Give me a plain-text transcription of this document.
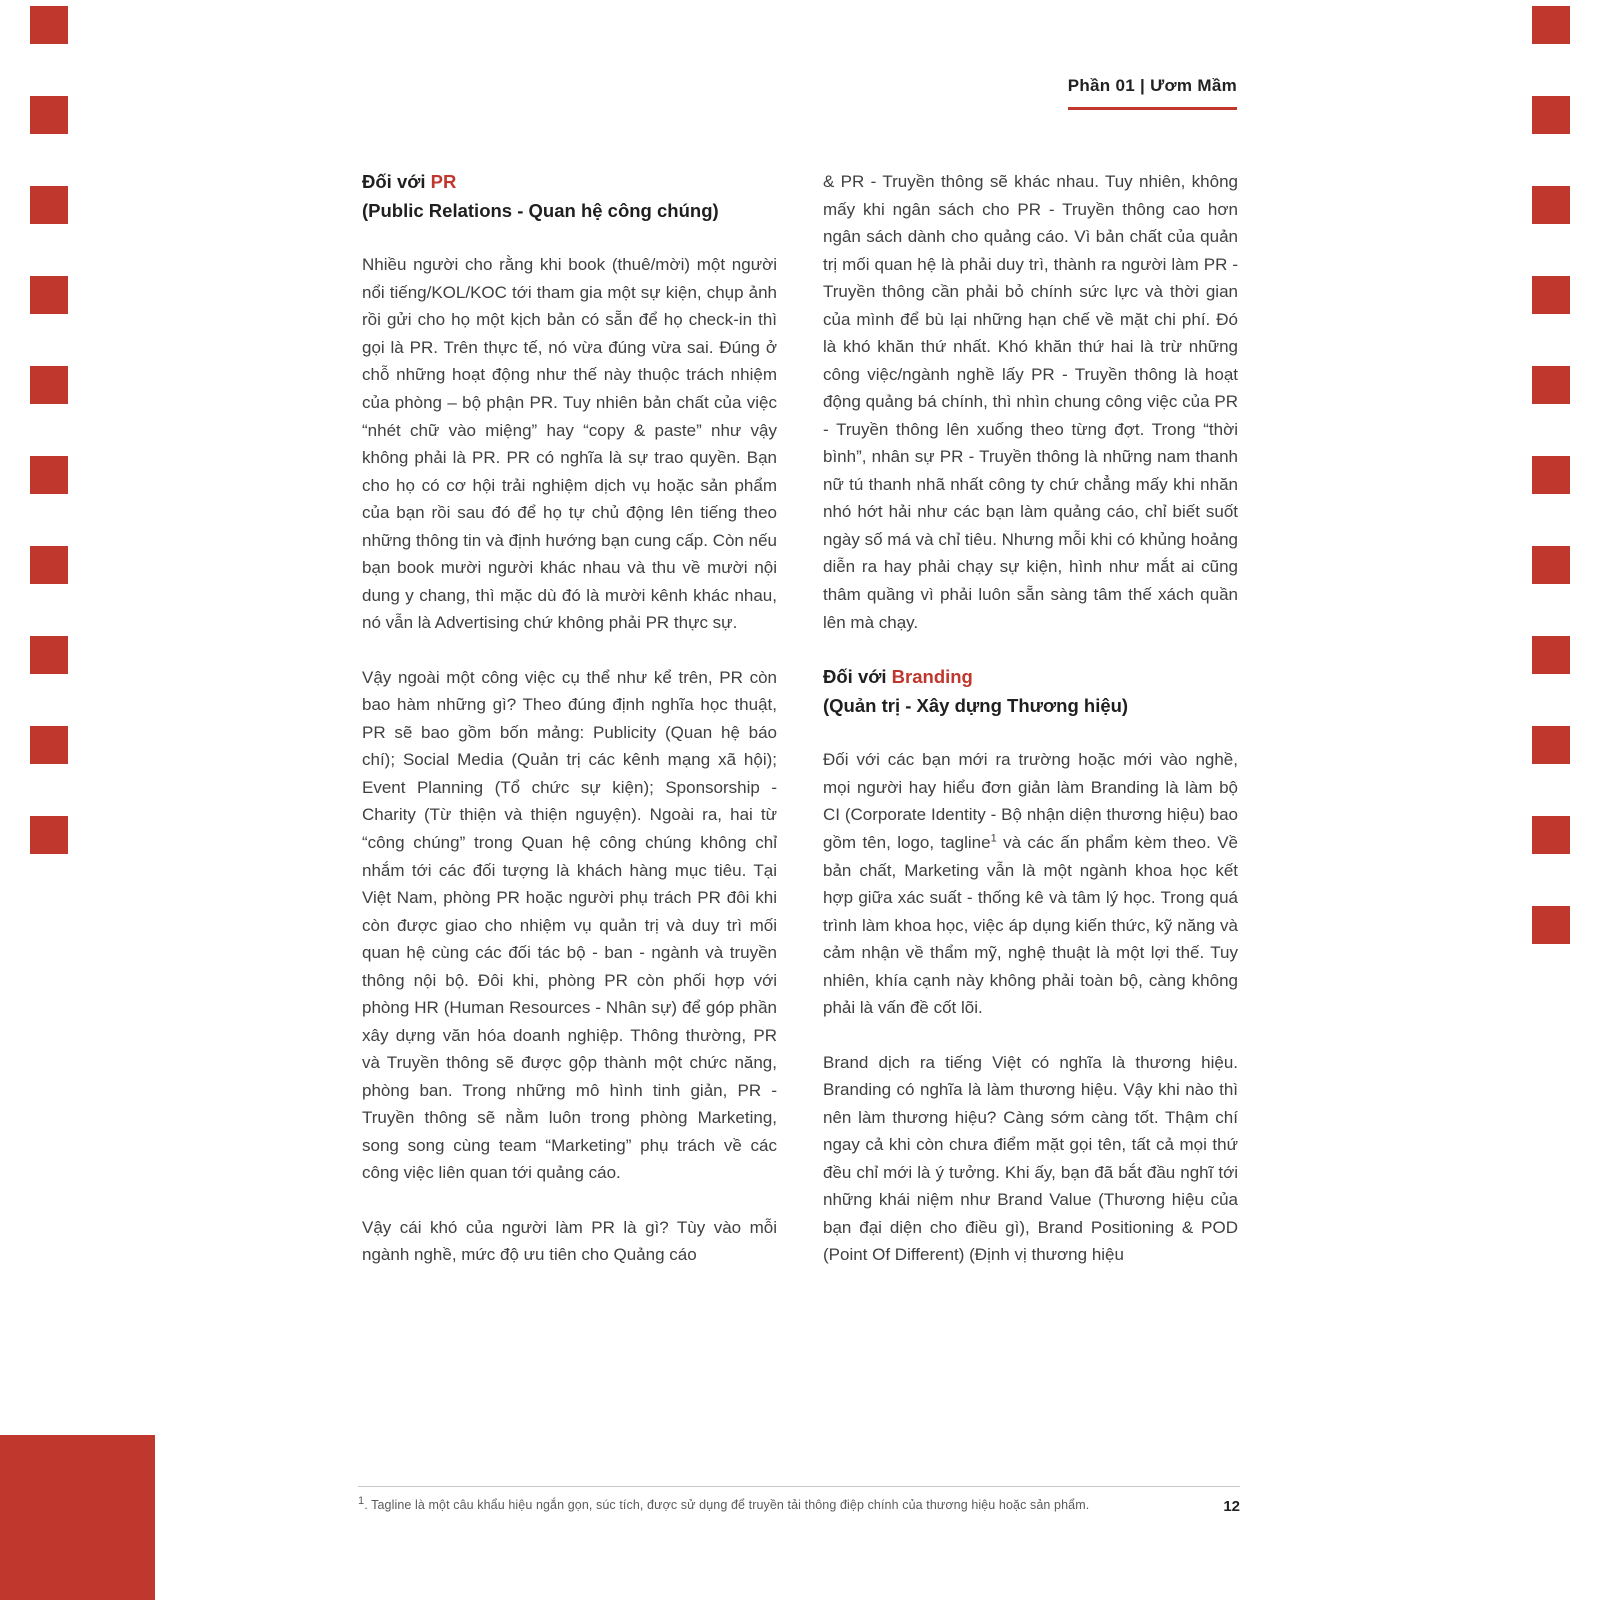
Phần 01 | Ươm Mầm
Đối với PR
(Public Relations - Quan hệ công chúng)

Nhiều người cho rằng khi book (thuê/mời) một người nổi tiếng/KOL/KOC tới tham gia một sự kiện, chụp ảnh rồi gửi cho họ một kịch bản có sẵn để họ check-in thì gọi là PR. Trên thực tế, nó vừa đúng vừa sai. Đúng ở chỗ những hoạt động như thế này thuộc trách nhiệm của phòng – bộ phận PR. Tuy nhiên bản chất của việc “nhét chữ vào miệng” hay “copy & paste” như vậy không phải là PR. PR có nghĩa là sự trao quyền. Bạn cho họ có cơ hội trải nghiệm dịch vụ hoặc sản phẩm của bạn rồi sau đó để họ tự chủ động lên tiếng theo những thông tin và định hướng bạn cung cấp. Còn nếu bạn book mười người khác nhau và thu về mười nội dung y chang, thì mặc dù đó là mười kênh khác nhau, nó vẫn là Advertising chứ không phải PR thực sự.

Vậy ngoài một công việc cụ thể như kể trên, PR còn bao hàm những gì? Theo đúng định nghĩa học thuật, PR sẽ bao gồm bốn mảng: Publicity (Quan hệ báo chí); Social Media (Quản trị các kênh mạng xã hội); Event Planning (Tổ chức sự kiện); Sponsorship - Charity (Từ thiện và thiện nguyện). Ngoài ra, hai từ “công chúng” trong Quan hệ công chúng không chỉ nhắm tới các đối tượng là khách hàng mục tiêu. Tại Việt Nam, phòng PR hoặc người phụ trách PR đôi khi còn được giao cho nhiệm vụ quản trị và duy trì mối quan hệ cùng các đối tác bộ - ban - ngành và truyền thông nội bộ. Đôi khi, phòng PR còn phối hợp với phòng HR (Human Resources - Nhân sự) để góp phần xây dựng văn hóa doanh nghiệp. Thông thường, PR và Truyền thông sẽ được gộp thành một chức năng, phòng ban. Trong những mô hình tinh giản, PR - Truyền thông sẽ nằm luôn trong phòng Marketing, song song cùng team “Marketing” phụ trách về các công việc liên quan tới quảng cáo.

Vậy cái khó của người làm PR là gì? Tùy vào mỗi ngành nghề, mức độ ưu tiên cho Quảng cáo

& PR - Truyền thông sẽ khác nhau. Tuy nhiên, không mấy khi ngân sách cho PR - Truyền thông cao hơn ngân sách dành cho quảng cáo. Vì bản chất của quản trị mối quan hệ là phải duy trì, thành ra người làm PR - Truyền thông cần phải bỏ chính sức lực và thời gian của mình để bù lại những hạn chế về mặt chi phí. Đó là khó khăn thứ nhất. Khó khăn thứ hai là trừ những công việc/ngành nghề lấy PR - Truyền thông là hoạt động quảng bá chính, thì nhìn chung công việc của PR - Truyền thông lên xuống theo từng đợt. Trong “thời bình”, nhân sự PR - Truyền thông là những nam thanh nữ tú thanh nhã nhất công ty chứ chẳng mấy khi nhăn nhó hớt hải như các bạn làm quảng cáo, chỉ biết suốt ngày số má và chỉ tiêu. Nhưng mỗi khi có khủng hoảng diễn ra hay phải chạy sự kiện, hình như mắt ai cũng thâm quầng vì phải luôn sẵn sàng tâm thế xách quần lên mà chạy.

Đối với Branding
(Quản trị - Xây dựng Thương hiệu)

Đối với các bạn mới ra trường hoặc mới vào nghề, mọi người hay hiểu đơn giản làm Branding là làm bộ CI (Corporate Identity - Bộ nhận diện thương hiệu) bao gồm tên, logo, tagline$^1$ và các ấn phẩm kèm theo. Về bản chất, Marketing vẫn là một ngành khoa học kết hợp giữa xác suất - thống kê và tâm lý học. Trong quá trình làm khoa học, việc áp dụng kiến thức, kỹ năng và cảm nhận về thẩm mỹ, nghệ thuật là một lợi thế. Tuy nhiên, khía cạnh này không phải toàn bộ, càng không phải là vấn đề cốt lõi.

Brand dịch ra tiếng Việt có nghĩa là thương hiệu. Branding có nghĩa là làm thương hiệu. Vậy khi nào thì nên làm thương hiệu? Càng sớm càng tốt. Thậm chí ngay cả khi còn chưa điểm mặt gọi tên, tất cả mọi thứ đều chỉ mới là ý tưởng. Khi ấy, bạn đã bắt đầu nghĩ tới những khái niệm như Brand Value (Thương hiệu của bạn đại diện cho điều gì), Brand Positioning & POD (Point Of Different) (Định vị thương hiệu

$^1$. Tagline là một câu khẩu hiệu ngắn gọn, súc tích, được sử dụng để truyền tải thông điệp chính của thương hiệu hoặc sản phẩm.	12
